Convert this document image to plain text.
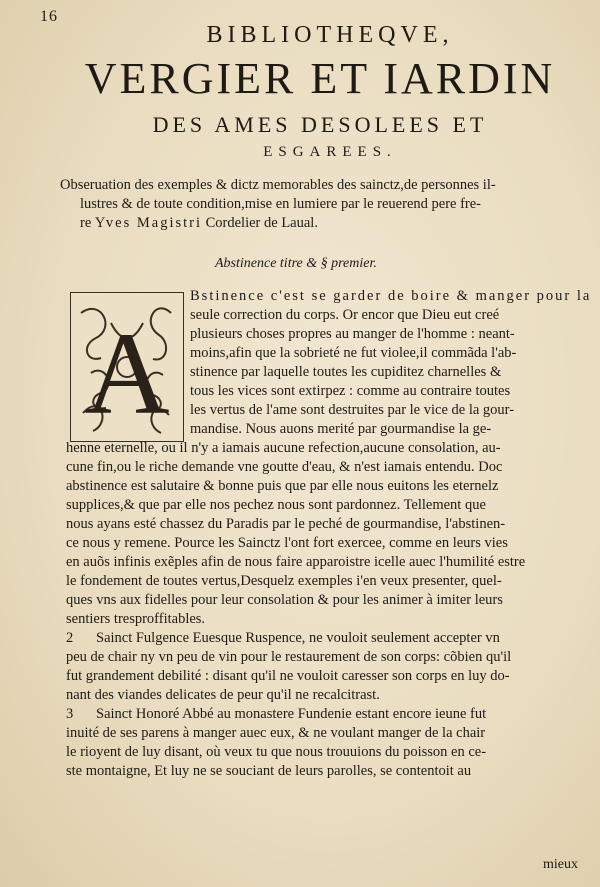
16
BIBLIOTHEQVE,
VERGIER ET IARDIN
DES AMES DESOLEES ET
ESGAREES.
Obseruation des exemples & dictz memorables des sainctz,de personnes il-
lustres & de toute condition,mise en lumiere par le reuerend pere fre-
re Yves Magistri Cordelier de Laual.
Abstinence titre & § premier.
A
Bstinence c'est se garder de boire & manger pour la
seule correction du corps. Or encor que Dieu eut creé
plusieurs choses propres au manger de l'homme : neant-
moins,afin que la sobrieté ne fut violee,il commãda l'ab-
stinence par laquelle toutes les cupiditez charnelles &
tous les vices sont extirpez : comme au contraire toutes
les vertus de l'ame sont destruites par le vice de la gour-
mandise. Nous auons merité par gourmandise la ge-
henne eternelle, ou il n'y a iamais aucune refection,aucune consolation, au-
cune fin,ou le riche demande vne goutte d'eau, & n'est iamais entendu. Doc
abstinence est salutaire & bonne puis que par elle nous euitons les eternelz
supplices,& que par elle nos pechez nous sont pardonnez. Tellement que
nous ayans esté chassez du Paradis par le peché de gourmandise, l'abstinen-
ce nous y remene. Pource les Sainctz l'ont fort exercee, comme en leurs vies
en auõs infinis exẽples afin de nous faire apparoistre icelle auec l'humilité estre
le fondement de toutes vertus,Desquelz exemples i'en veux presenter, quel-
ques vns aux fidelles pour leur consolation & pour les animer à imiter leurs
sentiers tresproffitables.
2 Sainct Fulgence Euesque Ruspence, ne vouloit seulement accepter vn
peu de chair ny vn peu de vin pour le restaurement de son corps: cõbien qu'il
fut grandement debilité : disant qu'il ne vouloit caresser son corps en luy do-
nant des viandes delicates de peur qu'il ne recalcitrast.
3 Sainct Honoré Abbé au monastere Fundenie estant encore ieune fut
inuité de ses parens à manger auec eux, & ne voulant manger de la chair
le rioyent de luy disant, où veux tu que nous trouuions du poisson en ce-
ste montaigne, Et luy ne se souciant de leurs parolles, se contentoit au
mieux
